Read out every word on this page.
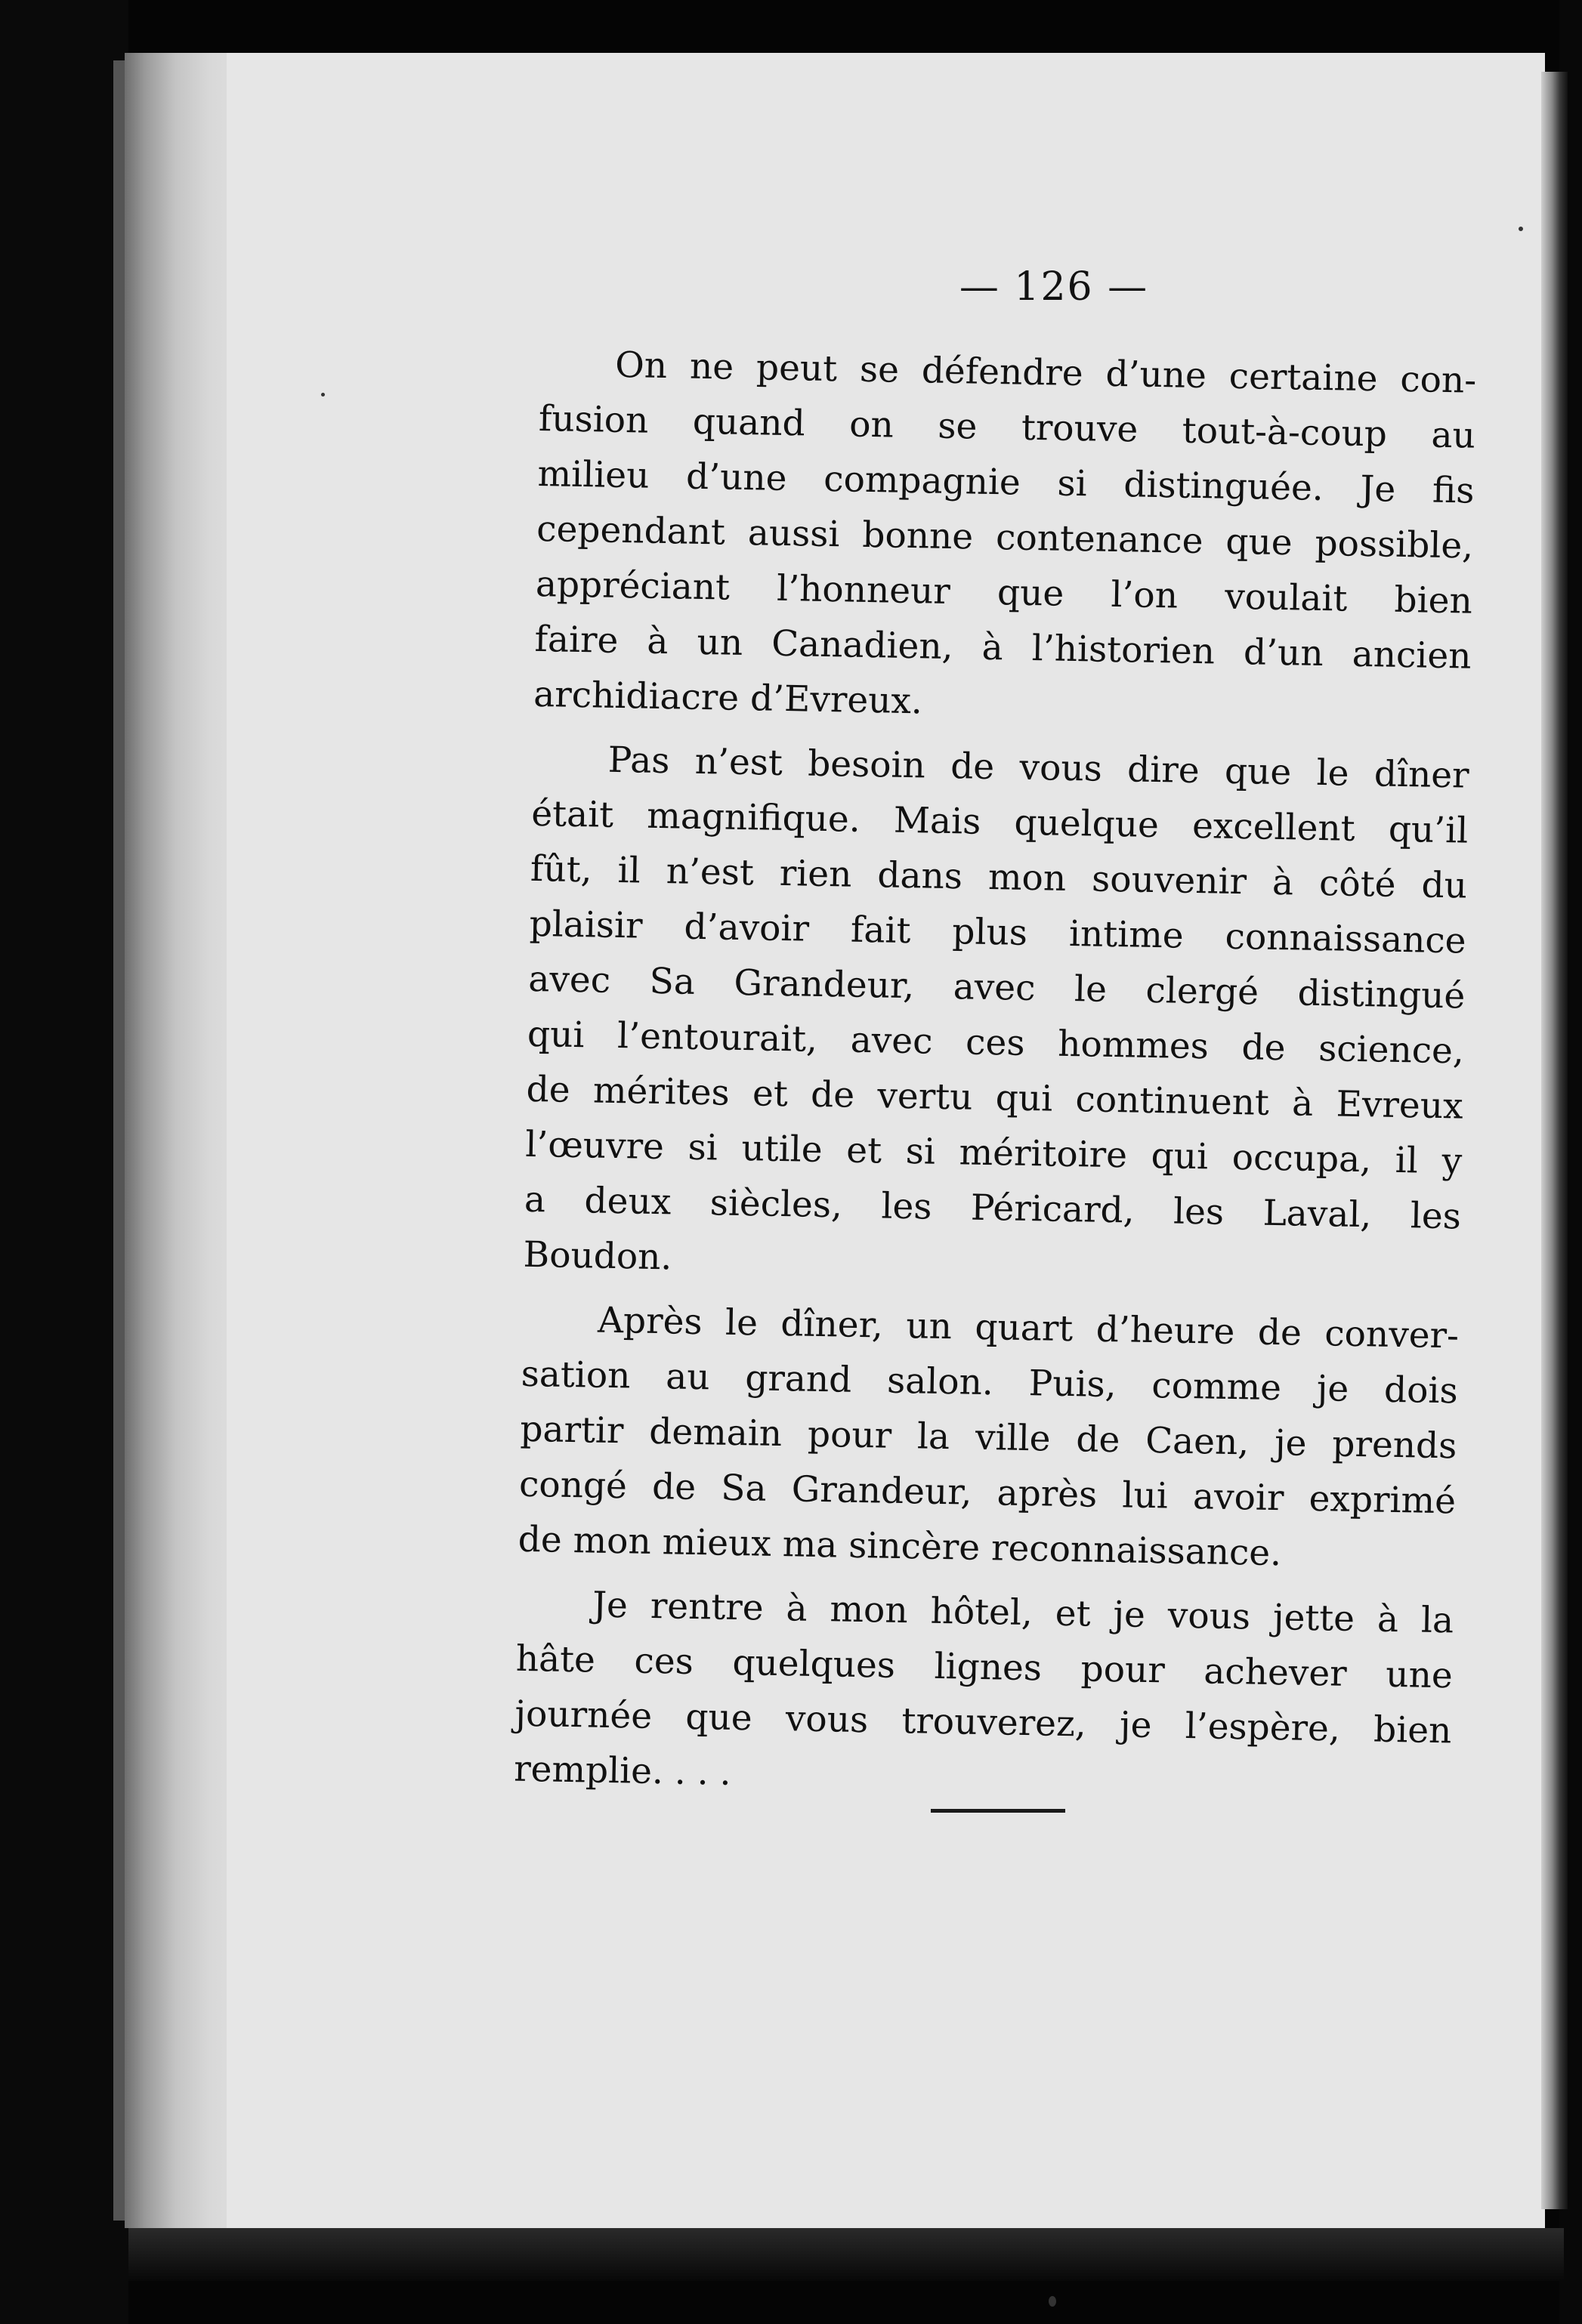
— 126 —
On ne peut se défendre d’une certaine con-
fusion quand on se trouve tout-à-coup au
milieu d’une compagnie si distinguée. Je fis
cependant aussi bonne contenance que possible,
appréciant l’honneur que l’on voulait bien
faire à un Canadien, à l’historien d’un ancien
archidiacre d’Evreux.
Pas n’est besoin de vous dire que le dîner
était magnifique. Mais quelque excellent qu’il
fût, il n’est rien dans mon souvenir à côté du
plaisir d’avoir fait plus intime connaissance
avec Sa Grandeur, avec le clergé distingué
qui l’entourait, avec ces hommes de science,
de mérites et de vertu qui continuent à Evreux
l’œuvre si utile et si méritoire qui occupa, il y
a deux siècles, les Péricard, les Laval, les
Boudon.
Après le dîner, un quart d’heure de conver-
sation au grand salon. Puis, comme je dois
partir demain pour la ville de Caen, je prends
congé de Sa Grandeur, après lui avoir exprimé
de mon mieux ma sincère reconnaissance.
Je rentre à mon hôtel, et je vous jette à la
hâte ces quelques lignes pour achever une
journée que vous trouverez, je l’espère, bien
remplie. . . .
